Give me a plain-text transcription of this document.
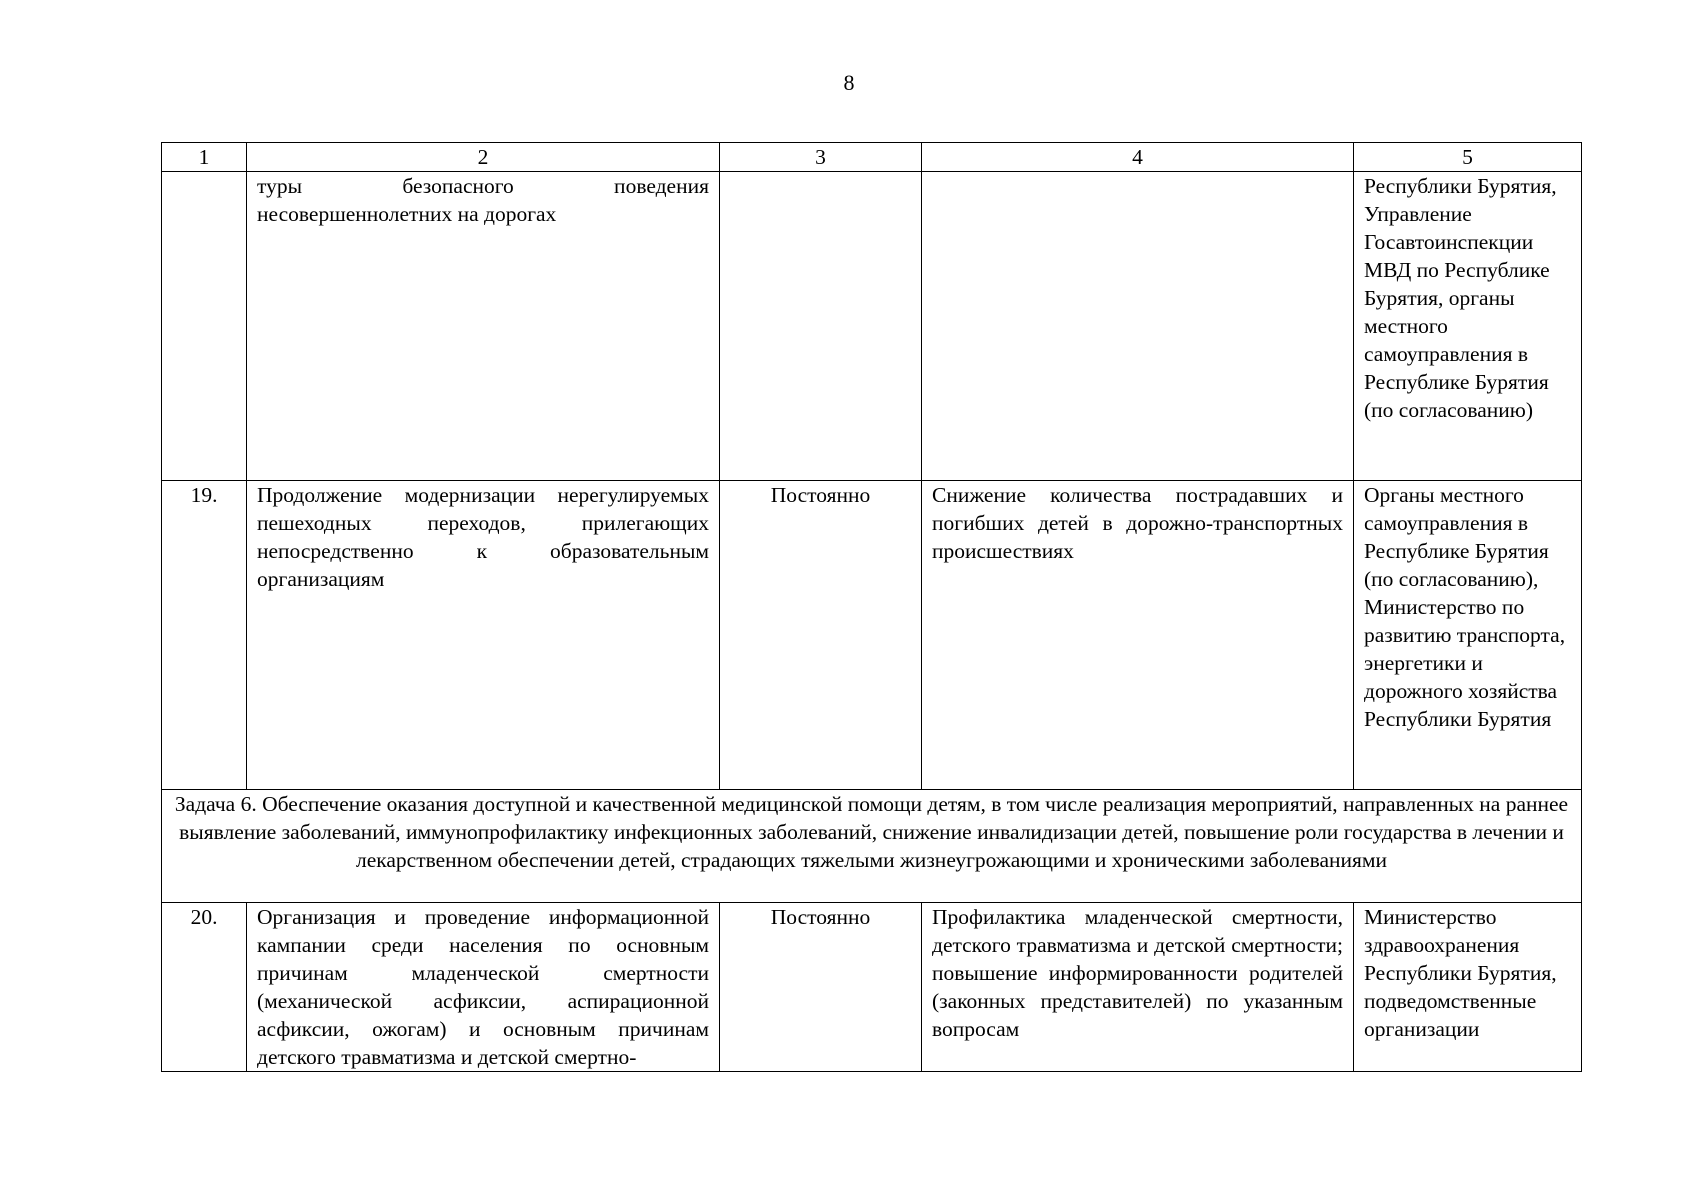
8
1	2	3	4	5
	туры безопасного поведения несовершеннолетних на дорогах			Республики Бурятия, Управление Госавтоинспекции МВД по Республике Бурятия, органы местного самоуправления в Республике Бурятия (по согласованию)
19.	Продолжение модернизации нерегулируемых пешеходных переходов, прилегающих непосредственно к образовательным организациям	Постоянно	Снижение количества пострадавших и погибших детей в дорожно-транспортных происшествиях	Органы местного самоуправления в Республике Бурятия (по согласованию), Министерство по развитию транспорта, энергетики и дорожного хозяйства Республики Бурятия
Задача 6. Обеспечение оказания доступной и качественной медицинской помощи детям, в том числе реализация мероприятий, направленных на раннее выявление заболеваний, иммунопрофилактику инфекционных заболеваний, снижение инвалидизации детей, повышение роли государства в лечении и лекарственном обеспечении детей, страдающих тяжелыми жизнеугрожающими и хроническими заболеваниями				
20.	Организация и проведение информационной кампании среди населения по основным причинам младенческой смертности (механической асфиксии, аспирационной асфиксии, ожогам) и основным причинам детского травматизма и детской смертно-	Постоянно	Профилактика младенческой смертности, детского травматизма и детской смертности; повышение информированности родителей (законных представителей) по указанным вопросам	Министерство здравоохранения Республики Бурятия, подведомственные организации
